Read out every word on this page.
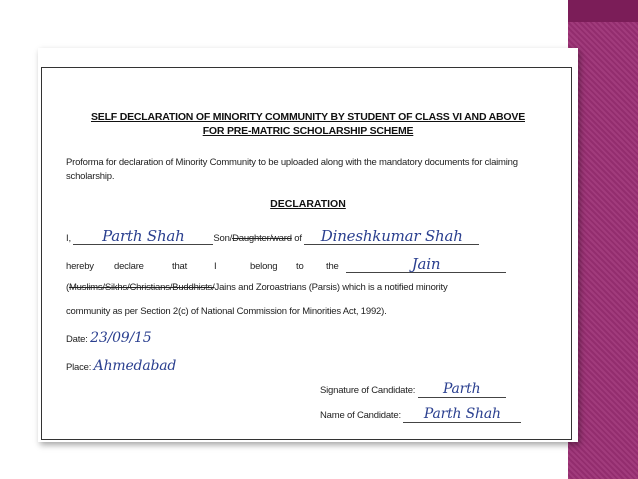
SELF DECLARATION OF MINORITY COMMUNITY BY STUDENT OF CLASS VI AND ABOVE
FOR PRE-MATRIC SCHOLARSHIP SCHEME
Proforma for declaration of Minority Community to be uploaded along with the mandatory documents for claiming scholarship.
DECLARATION
I, Parth Shah	Son/Daughter/ward of Dineshkumar Shah
hereby	declare	that	I	belong	to	the	Jain
(Muslims/Sikhs/Christians/Buddhists/Jains and Zoroastrians (Parsis) which is a notified minority
community as per Section 2(c) of National Commission for Minorities Act, 1992).
Date: 23/09/15
Place: Ahmedabad
Signature of Candidate: Parth
Name of Candidate: Parth Shah
